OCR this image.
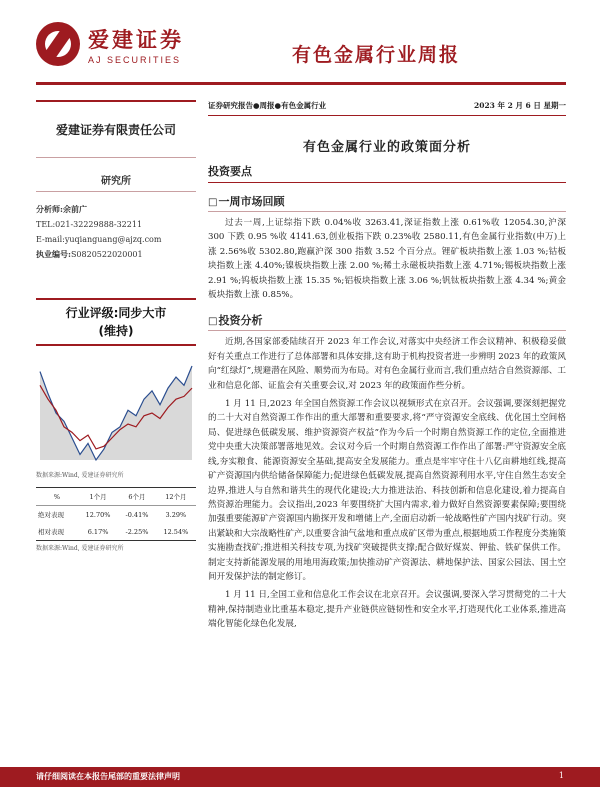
爱建证券
AJ SECURITIES	有色金属行业周报
爱建证券有限责任公司
研究所
分析师:余前广
TEL:021-32229888-32211
E-mail:yuqianguang@ajzq.com
执业编号:S0820522020001
行业评级:同步大市
(维持)
数据来源:Wind, 爱建证券研究所
%	1个月	6个月	12个月
绝对表现	12.70%	-0.41%	3.29%
相对表现	6.17%	-2.25%	12.54%
数据来源:Wind, 爱建证券研究所
证券研究报告●周报●有色金属行业	2023 年 2 月 6 日 星期一
有色金属行业的政策面分析
投资要点
□ 一周市场回顾
过去一周,上证综指下跌 0.04%收 3263.41,深证指数上涨 0.61%收 12054.30,沪深 300 下跌 0.95 %收 4141.63,创业板指下跌 0.23%收 2580.11,有色金属行业指数(申万)上涨 2.56%收 5302.80,跑赢沪深 300 指数 3.52 个百分点。锂矿板块指数上涨 1.03 %;钴板块指数上涨 4.40%;镍板块指数上涨 2.00 %;稀土永磁板块指数上涨 4.71%;锡板块指数上涨 2.91 %;钨板块指数上涨 15.35 %;铝板块指数上涨 3.06 %;钒钛板块指数上涨 4.34 %;黄金板块指数上涨 0.85%。
□ 投资分析
近期,各国家部委陆续召开 2023 年工作会议,对落实中央经济工作会议精神、积极稳妥做好有关重点工作进行了总体部署和具体安排,这有助于机构投资者进一步辨明 2023 年的政策风向“红绿灯”,规避潜在风险、顺势而为布局。对有色金属行业而言,我们重点结合自然资源部、工业和信息化部、证监会有关重要会议,对 2023 年的政策面作些分析。
1 月 11 日,2023 年全国自然资源工作会议以视频形式在京召开。会议强调,要深刻把握党的二十大对自然资源工作作出的重大部署和重要要求,将“严守资源安全底线、优化国土空间格局、促进绿色低碳发展、维护资源资产权益”作为今后一个时期自然资源工作的定位,全面推进党中央重大决策部署落地见效。会议对今后一个时期自然资源工作作出了部署:严守资源安全底线,夯实粮食、能源资源安全基础,提高安全发展能力。重点是牢牢守住十八亿亩耕地红线,提高矿产资源国内供给储备保障能力;促进绿色低碳发展,提高自然资源利用水平,守住自然生态安全边界,推进人与自然和谐共生的现代化建设;大力推进法治、科技创新和信息化建设,着力提高自然资源治理能力。会议指出,2023 年要围绕扩大国内需求,着力做好自然资源要素保障;要围绕加强重要能源矿产资源国内勘探开发和增储上产,全面启动新一轮战略性矿产国内找矿行动。突出紧缺和大宗战略性矿产,以重要含油气盆地和重点成矿区带为重点,根据地质工作程度分类施策实施勘查找矿;推进相关科技专项,为找矿突破提供支撑;配合做好煤炭、钾盐、铁矿保供工作。制定支持新能源发展的用地用海政策;加快推动矿产资源法、耕地保护法、国家公园法、国土空间开发保护法的制定修订。
1 月 11 日,全国工业和信息化工作会议在北京召开。会议强调,要深入学习贯彻党的二十大精神,保持制造业比重基本稳定,提升产业链供应链韧性和安全水平,打造现代化工业体系,推进高端化智能化绿色化发展,
请仔细阅读在本报告尾部的重要法律声明	1
